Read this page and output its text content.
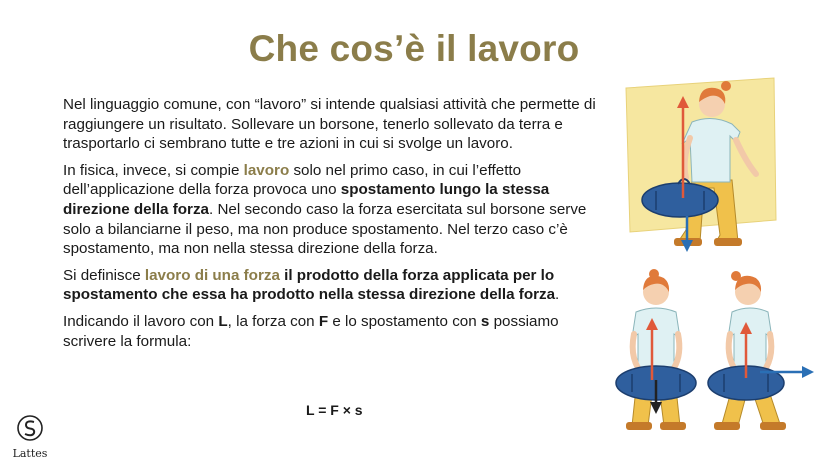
Che cos’è il lavoro

Nel linguaggio comune, con “lavoro” si intende qualsiasi attività che permette di raggiungere un risultato. Sollevare un borsone, tenerlo sollevato da terra e trasportarlo ci sembrano tutte e tre azioni in cui si svolge un lavoro.

In fisica, invece, si compie lavoro solo nel primo caso, in cui l’effetto dell’applicazione della forza provoca uno spostamento lungo la stessa direzione della forza. Nel secondo caso la forza esercitata sul borsone serve solo a bilanciarne il peso, ma non produce spostamento. Nel terzo caso c’è spostamento, ma non nella stessa direzione della forza.

Si definisce lavoro di una forza il prodotto della forza applicata per lo spostamento che essa ha prodotto nella stessa direzione della forza.

Indicando il lavoro con L, la forza con F e lo spostamento con s possiamo scrivere la formula:

L = F × s
Lattes
